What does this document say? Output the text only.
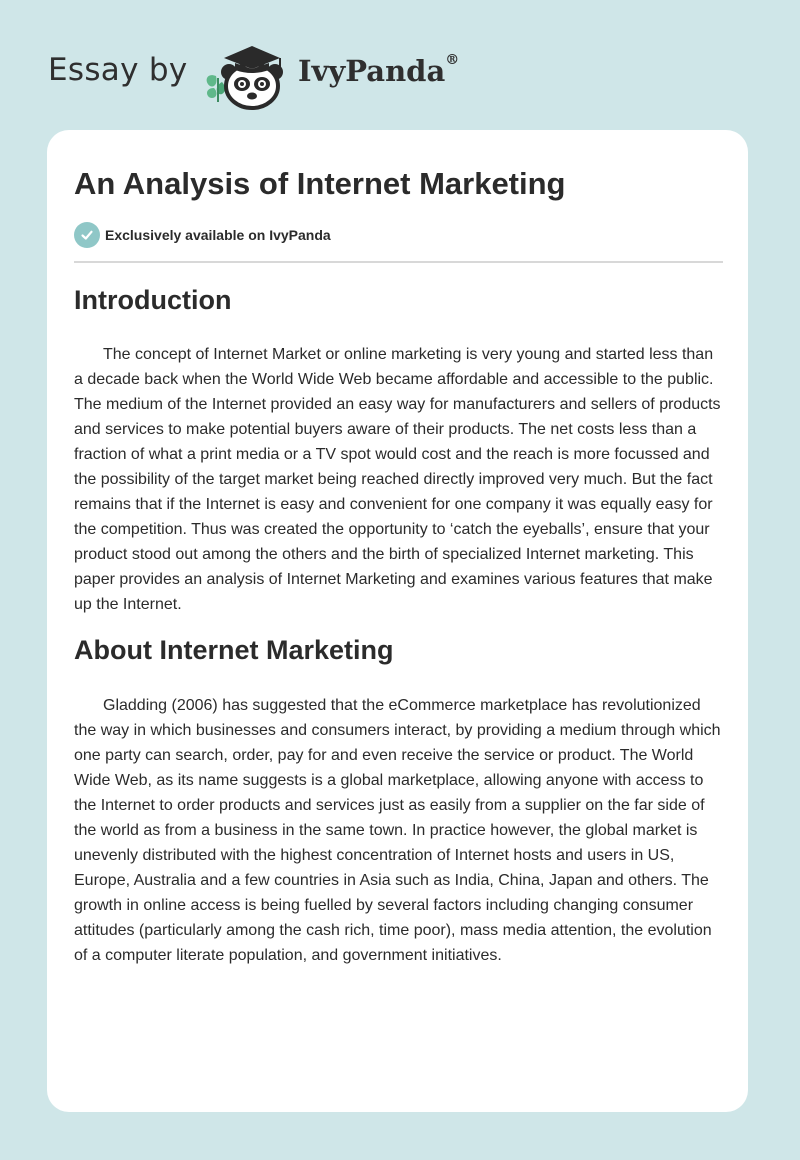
Essay by	IvyPanda®
An Analysis of Internet Marketing
Exclusively available on IvyPanda
Introduction

The concept of Internet Market or online marketing is very young and started less than a decade back when the World Wide Web became affordable and accessible to the public. The medium of the Internet provided an easy way for manufacturers and sellers of products and services to make potential buyers aware of their products. The net costs less than a fraction of what a print media or a TV spot would cost and the reach is more focussed and the possibility of the target market being reached directly improved very much. But the fact remains that if the Internet is easy and convenient for one company it was equally easy for the competition. Thus was created the opportunity to ‘catch the eyeballs’, ensure that your product stood out among the others and the birth of specialized Internet marketing. This paper provides an analysis of Internet Marketing and examines various features that make up the Internet.

About Internet Marketing

Gladding (2006) has suggested that the eCommerce marketplace has revolutionized the way in which businesses and consumers interact, by providing a medium through which one party can search, order, pay for and even receive the service or product. The World Wide Web, as its name suggests is a global marketplace, allowing anyone with access to the Internet to order products and services just as easily from a supplier on the far side of the world as from a business in the same town. In practice however, the global market is unevenly distributed with the highest concentration of Internet hosts and users in US, Europe, Australia and a few countries in Asia such as India, China, Japan and others. The growth in online access is being fuelled by several factors including changing consumer attitudes (particularly among the cash rich, time poor), mass media attention, the evolution of a computer literate population, and government initiatives.
